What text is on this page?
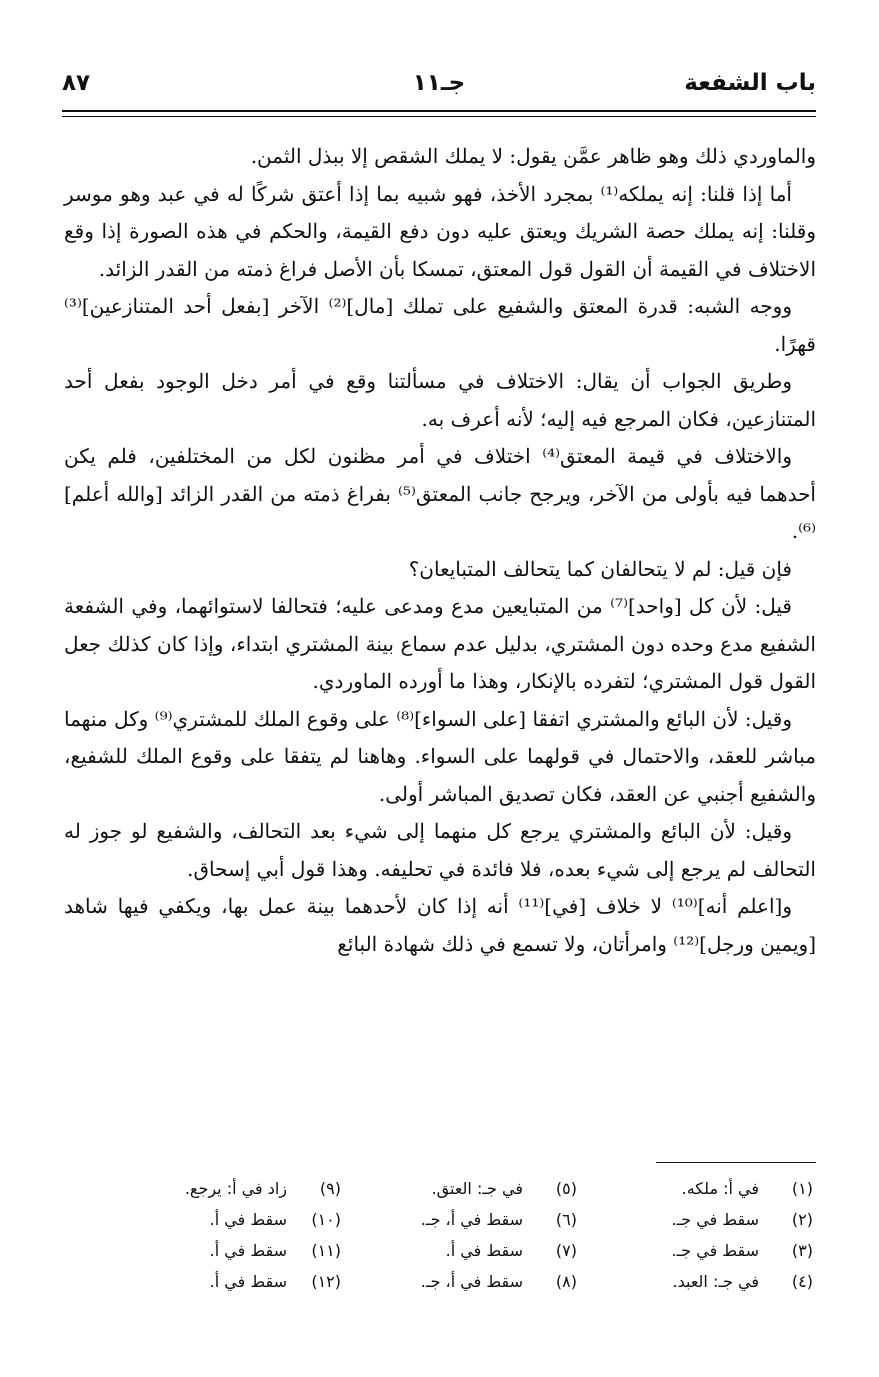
باب الشفعة
جـ١١
٨٧

والماوردي ذلك وهو ظاهر عمَّن يقول: لا يملك الشقص إلا ببذل الثمن.

أما إذا قلنا: إنه يملكه⁽¹⁾ بمجرد الأخذ، فهو شبيه بما إذا أعتق شركًا له في عبد وهو موسر وقلنا: إنه يملك حصة الشريك ويعتق عليه دون دفع القيمة، والحكم في هذه الصورة إذا وقع الاختلاف في القيمة أن القول قول المعتق، تمسكا بأن الأصل فراغ ذمته من القدر الزائد.

ووجه الشبه: قدرة المعتق والشفيع على تملك [مال]⁽²⁾ الآخر [بفعل أحد المتنازعين]⁽³⁾ قهرًا.

وطريق الجواب أن يقال: الاختلاف في مسألتنا وقع في أمر دخل الوجود بفعل أحد المتنازعين، فكان المرجع فيه إليه؛ لأنه أعرف به.

والاختلاف في قيمة المعتق⁽⁴⁾ اختلاف في أمر مظنون لكل من المختلفين، فلم يكن أحدهما فيه بأولى من الآخر، ويرجح جانب المعتق⁽⁵⁾ بفراغ ذمته من القدر الزائد [والله أعلم]⁽⁶⁾.

فإن قيل: لم لا يتحالفان كما يتحالف المتبايعان؟

قيل: لأن كل [واحد]⁽⁷⁾ من المتبايعين مدع ومدعى عليه؛ فتحالفا لاستوائهما، وفي الشفعة الشفيع مدع وحده دون المشتري، بدليل عدم سماع بينة المشتري ابتداء، وإذا كان كذلك جعل القول قول المشتري؛ لتفرده بالإنكار، وهذا ما أورده الماوردي.

وقيل: لأن البائع والمشتري اتفقا [على السواء]⁽⁸⁾ على وقوع الملك للمشتري⁽⁹⁾ وكل منهما مباشر للعقد، والاحتمال في قولهما على السواء. وهاهنا لم يتفقا على وقوع الملك للشفيع، والشفيع أجنبي عن العقد، فكان تصديق المباشر أولى.

وقيل: لأن البائع والمشتري يرجع كل منهما إلى شيء بعد التحالف، والشفيع لو جوز له التحالف لم يرجع إلى شيء بعده، فلا فائدة في تحليفه. وهذا قول أبي إسحاق.

و[اعلم أنه]⁽¹⁰⁾ لا خلاف [في]⁽¹¹⁾ أنه إذا كان لأحدهما بينة عمل بها، ويكفي فيها شاهد [ويمين ورجل]⁽¹²⁾ وامرأتان، ولا تسمع في ذلك شهادة البائع

(١)
في أ: ملكه.
(٢)
سقط في جـ.
(٣)
سقط في جـ.
(٤)
في جـ: العبد.
(٥)
في جـ: العتق.
(٦)
سقط في أ، جـ.
(٧)
سقط في أ.
(٨)
سقط في أ، جـ.
(٩)
زاد في أ: يرجع.
(١٠)
سقط في أ.
(١١)
سقط في أ.
(١٢)
سقط في أ.
